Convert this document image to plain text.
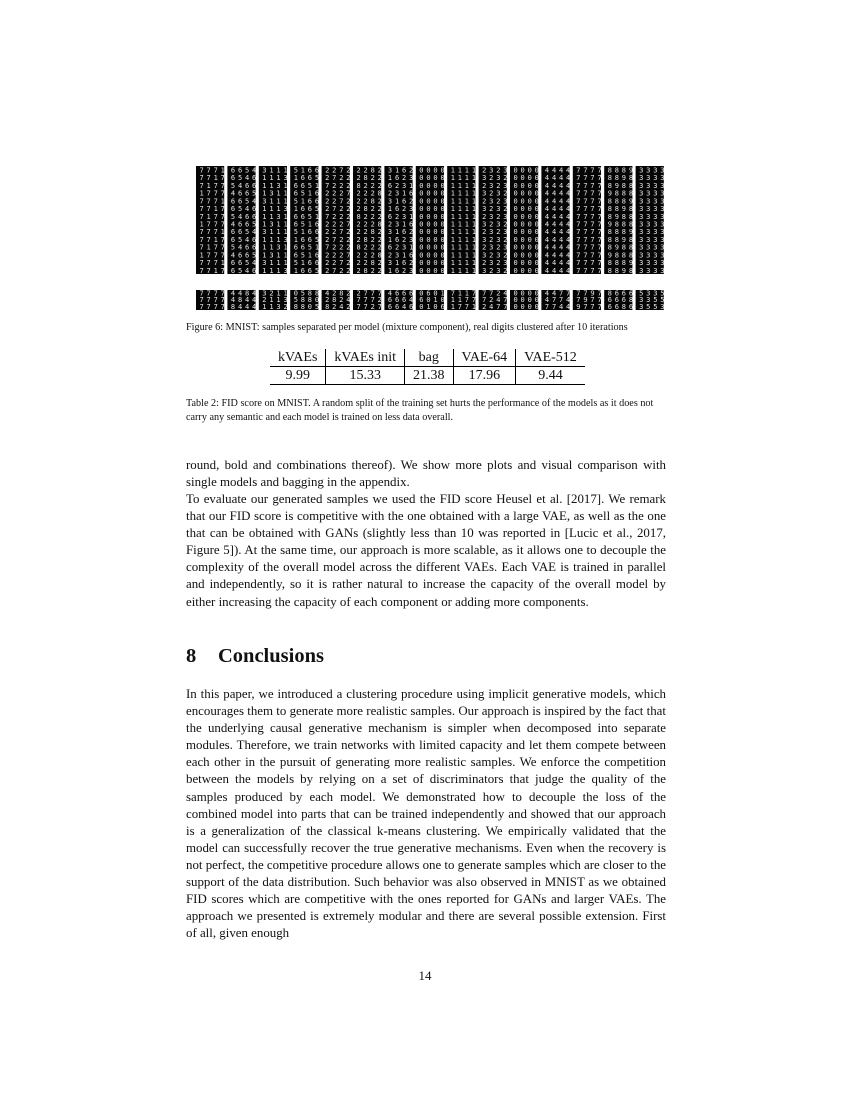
7 7 7 1
7 7 1 7
7 1 7 7
1 7 7 7
7 7 7 1
7 7 1 7
7 1 7 7
1 7 7 7
7 7 7 1
7 7 1 7
7 1 7 7
1 7 7 7
7 7 7 1
7 7 1 7
7 7 7 7
7 7 7 7
7 7 7 7
6 6 5 4
6 5 4 6
5 4 6 6
4 6 6 5
6 6 5 4
6 5 4 6
5 4 6 6
4 6 6 5
6 6 5 4
6 5 4 6
5 4 6 6
4 6 6 5
6 6 5 4
6 5 4 6
4 4 8 4
4 8 4 4
8 4 4 4
3 1 1 1
1 1 1 3
1 1 3 1
1 3 1 1
3 1 1 1
1 1 1 3
1 1 3 1
1 3 1 1
3 1 1 1
1 1 1 3
1 1 3 1
1 3 1 1
3 1 1 1
1 1 1 3
3 2 1 1
2 1 1 3
1 1 3 2
5 1 6 6
1 6 6 5
6 6 5 1
6 5 1 6
5 1 6 6
1 6 6 5
6 6 5 1
6 5 1 6
5 1 6 6
1 6 6 5
6 6 5 1
6 5 1 6
5 1 6 6
1 6 6 5
0 5 8 8
5 8 8 0
8 8 0 5
2 2 7 2
2 7 2 2
7 2 2 2
2 2 2 7
2 2 7 2
2 7 2 2
7 2 2 2
2 2 2 7
2 2 7 2
2 7 2 2
7 2 2 2
2 2 2 7
2 2 7 2
2 7 2 2
4 2 8 2
2 8 2 4
8 2 4 2
2 2 8 2
2 8 2 2
8 2 2 2
2 2 2 8
2 2 8 2
2 8 2 2
8 2 2 2
2 2 2 8
2 2 8 2
2 8 2 2
8 2 2 2
2 2 2 8
2 2 8 2
2 8 2 2
2 7 7 7
7 7 7 2
7 7 2 7
3 1 6 2
1 6 2 3
6 2 3 1
2 3 1 6
3 1 6 2
1 6 2 3
6 2 3 1
2 3 1 6
3 1 6 2
1 6 2 3
6 2 3 1
2 3 1 6
3 1 6 2
1 6 2 3
4 6 6 6
6 6 6 4
6 6 4 6
0 0 0 0
0 0 0 0
0 0 0 0
0 0 0 0
0 0 0 0
0 0 0 0
0 0 0 0
0 0 0 0
0 0 0 0
0 0 0 0
0 0 0 0
0 0 0 0
0 0 0 0
0 0 0 0
0 6 0 1
6 0 1 0
0 1 0 6
1 1 1 1
1 1 1 1
1 1 1 1
1 1 1 1
1 1 1 1
1 1 1 1
1 1 1 1
1 1 1 1
1 1 1 1
1 1 1 1
1 1 1 1
1 1 1 1
1 1 1 1
1 1 1 1
7 1 1 7
1 1 7 7
1 7 7 1
2 3 2 3
3 2 3 2
2 3 2 3
3 2 3 2
2 3 2 3
3 2 3 2
2 3 2 3
3 2 3 2
2 3 2 3
3 2 3 2
2 3 2 3
3 2 3 2
2 3 2 3
3 2 3 2
7 7 2 4
7 2 4 7
2 4 7 7
0 0 0 0
0 0 0 0
0 0 0 0
0 0 0 0
0 0 0 0
0 0 0 0
0 0 0 0
0 0 0 0
0 0 0 0
0 0 0 0
0 0 0 0
0 0 0 0
0 0 0 0
0 0 0 0
0 0 0 0
0 0 0 0
0 0 0 0
4 4 4 4
4 4 4 4
4 4 4 4
4 4 4 4
4 4 4 4
4 4 4 4
4 4 4 4
4 4 4 4
4 4 4 4
4 4 4 4
4 4 4 4
4 4 4 4
4 4 4 4
4 4 4 4
4 4 7 7
4 7 7 4
7 7 4 4
7 7 7 7
7 7 7 7
7 7 7 7
7 7 7 7
7 7 7 7
7 7 7 7
7 7 7 7
7 7 7 7
7 7 7 7
7 7 7 7
7 7 7 7
7 7 7 7
7 7 7 7
7 7 7 7
7 7 9 7
7 9 7 7
9 7 7 7
8 8 8 9
8 8 9 8
8 9 8 8
9 8 8 8
8 8 8 9
8 8 9 8
8 9 8 8
9 8 8 8
8 8 8 9
8 8 9 8
8 9 8 8
9 8 8 8
8 8 8 9
8 8 9 8
8 6 6 6
6 6 6 8
6 6 8 6
3 3 3 3
3 3 3 3
3 3 3 3
3 3 3 3
3 3 3 3
3 3 3 3
3 3 3 3
3 3 3 3
3 3 3 3
3 3 3 3
3 3 3 3
3 3 3 3
3 3 3 3
3 3 3 3
5 3 3 5
3 3 5 5
3 5 5 3
Figure 6: MNIST: samples separated per model (mixture component), real digits clustered after 10 iterations
kVAEs	kVAEs init	bag	VAE-64	VAE-512
9.99	15.33	21.38	17.96	9.44
Table 2: FID score on MNIST. A random split of the training set hurts the performance of the models as it does not carry any semantic and each model is trained on less data overall.
round, bold and combinations thereof). We show more plots and visual comparison with single models and bagging in the appendix.
To evaluate our generated samples we used the FID score Heusel et al. [2017]. We remark that our FID score is competitive with the one obtained with a large VAE, as well as the one that can be obtained with GANs (slightly less than 10 was reported in [Lucic et al., 2017, Figure 5]). At the same time, our approach is more scalable, as it allows one to decouple the complexity of the overall model across the different VAEs. Each VAE is trained in parallel and independently, so it is rather natural to increase the capacity of the overall model by either increasing the capacity of each component or adding more components.
8 Conclusions
In this paper, we introduced a clustering procedure using implicit generative models, which encourages them to generate more realistic samples. Our approach is inspired by the fact that the underlying causal generative mechanism is simpler when decomposed into separate modules. Therefore, we train networks with limited capacity and let them compete between each other in the pursuit of generating more realistic samples. We enforce the competition between the models by relying on a set of discriminators that judge the quality of the samples produced by each model. We demonstrated how to decouple the loss of the combined model into parts that can be trained independently and showed that our approach is a generalization of the classical k-means clustering. We empirically validated that the model can successfully recover the true generative mechanisms. Even when the recovery is not perfect, the competitive procedure allows one to generate samples which are closer to the support of the data distribution. Such behavior was also observed in MNIST as we obtained FID scores which are competitive with the ones reported for GANs and larger VAEs. The approach we presented is extremely modular and there are several possible extension. First of all, given enough
14
